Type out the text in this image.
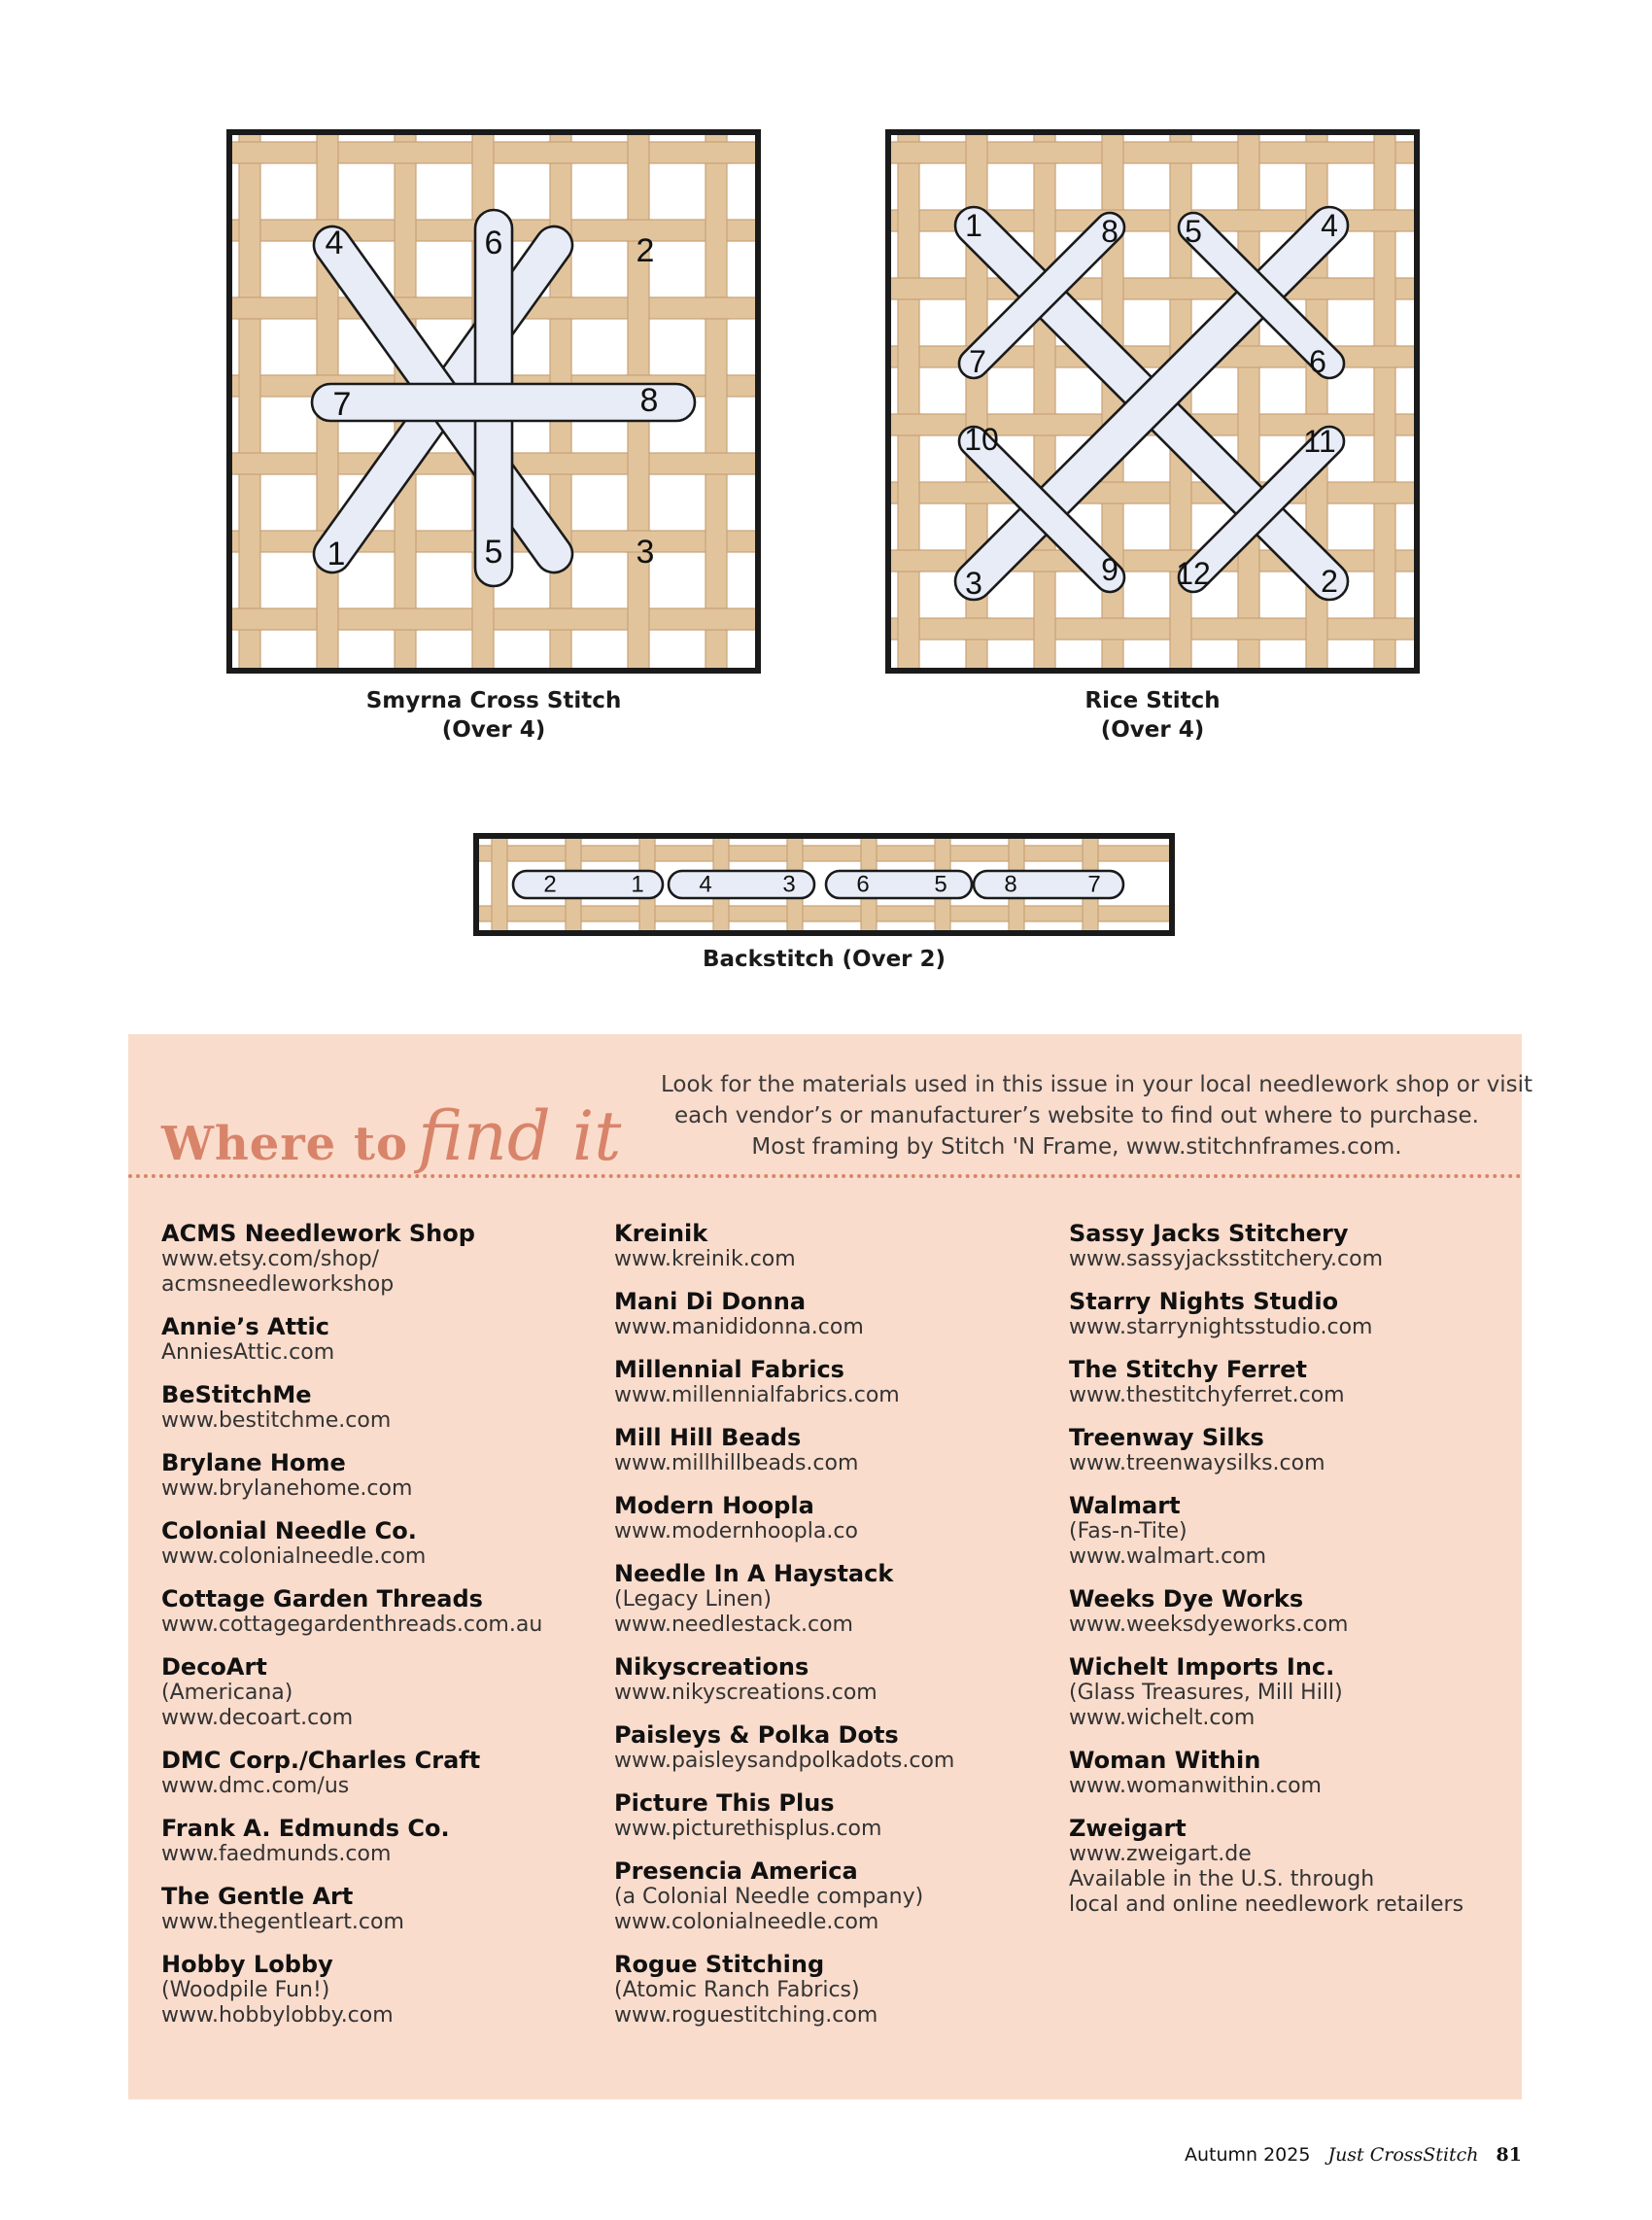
1
2
3
4
5
6
7	8
Smyrna Cross Stitch
(Over 4)
1
2
3
4
5
6
7
8
9
10	11
12
Rice Stitch
(Over 4)
1
2	3
4	5
6	7
8
Backstitch (Over 2)
Where to find it
Look for the materials used in this issue in your local needlework shop or visit
each vendor’s or manufacturer’s website to find out where to purchase.
Most framing by Stitch 'N Frame, www.stitchnframes.com.
ACMS Needlework Shop
www.etsy.com/shop/
acmsneedleworkshop
Annie’s Attic
AnniesAttic.com
BeStitchMe
www.bestitchme.com
Brylane Home
www.brylanehome.com
Colonial Needle Co.
www.colonialneedle.com
Cottage Garden Threads
www.cottagegardenthreads.com.au
DecoArt
(Americana)
www.decoart.com
DMC Corp./Charles Craft
www.dmc.com/us
Frank A. Edmunds Co.
www.faedmunds.com
The Gentle Art
www.thegentleart.com
Hobby Lobby
(Woodpile Fun!)
www.hobbylobby.com
Kreinik
www.kreinik.com
Mani Di Donna
www.manididonna.com
Millennial Fabrics
www.millennialfabrics.com
Mill Hill Beads
www.millhillbeads.com
Modern Hoopla
www.modernhoopla.co
Needle In A Haystack
(Legacy Linen)
www.needlestack.com
Nikyscreations
www.nikyscreations.com
Paisleys & Polka Dots
www.paisleysandpolkadots.com
Picture This Plus
www.picturethisplus.com
Presencia America
(a Colonial Needle company)
www.colonialneedle.com
Rogue Stitching
(Atomic Ranch Fabrics)
www.roguestitching.com
Sassy Jacks Stitchery
www.sassyjacksstitchery.com
Starry Nights Studio
www.starrynightsstudio.com
The Stitchy Ferret
www.thestitchyferret.com
Treenway Silks
www.treenwaysilks.com
Walmart
(Fas-n-Tite)
www.walmart.com
Weeks Dye Works
www.weeksdyeworks.com
Wichelt Imports Inc.
(Glass Treasures, Mill Hill)
www.wichelt.com
Woman Within
www.womanwithin.com
Zweigart
www.zweigart.de
Available in the U.S. through
local and online needlework retailers
Autumn 2025 Just CrossStitch 81
